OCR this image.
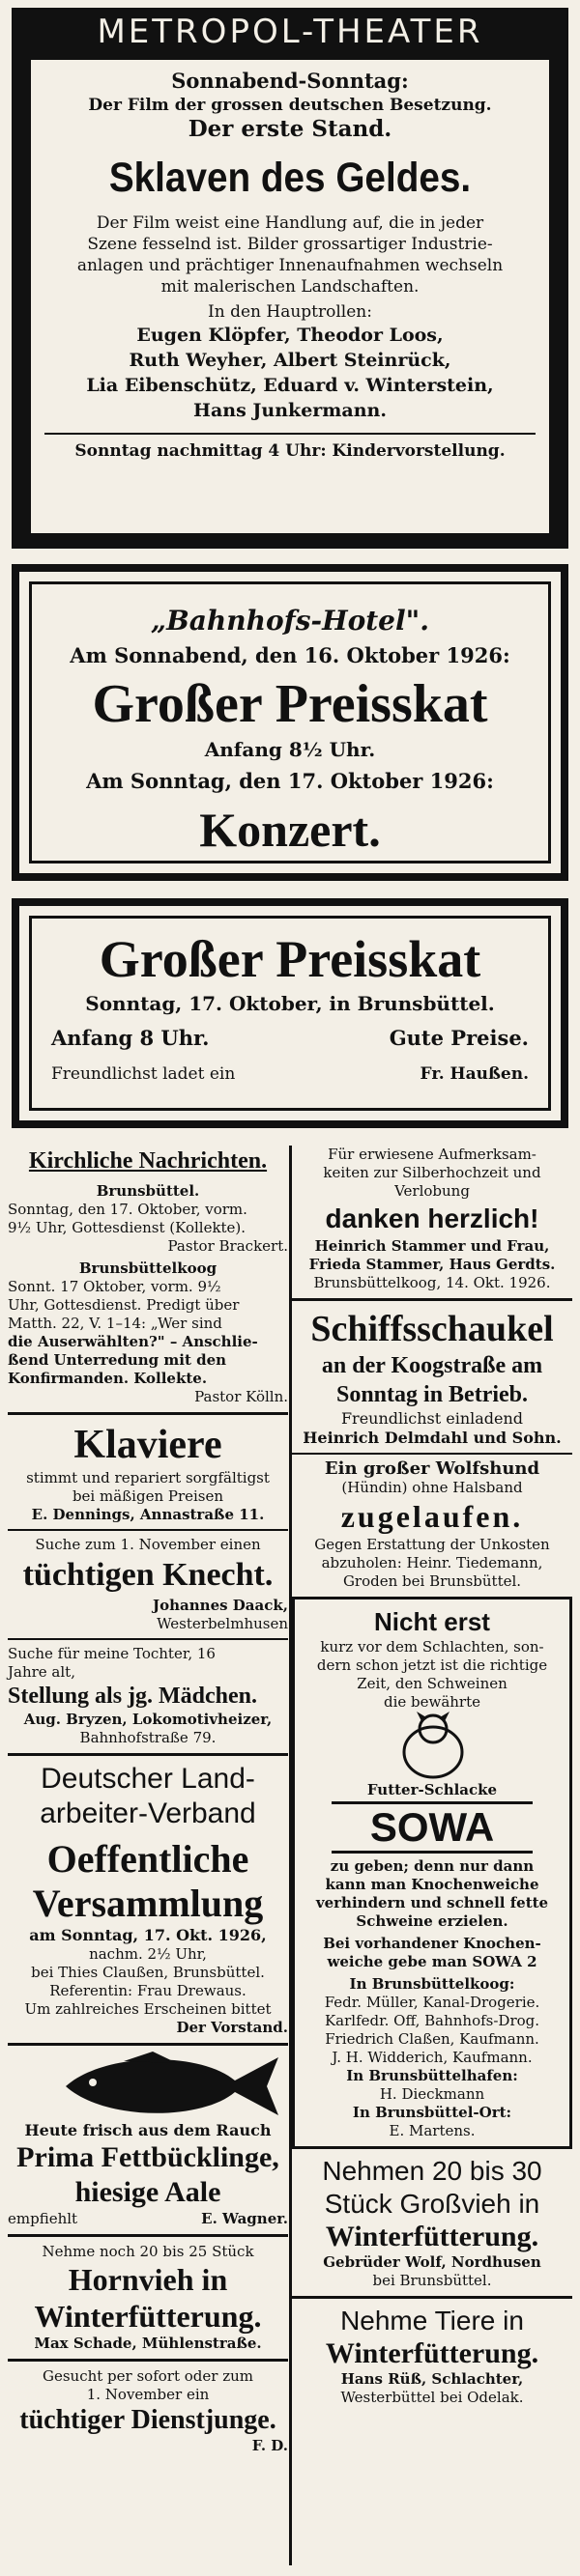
METROPOL-THEATER
Sonnabend-Sonntag:
Der Film der grossen deutschen Besetzung.
Der erste Stand.
Sklaven des Geldes.
Der Film weist eine Handlung auf, die in jeder
Szene fesselnd ist. Bilder grossartiger Industrie-
anlagen und prächtiger Innenaufnahmen wechseln
mit malerischen Landschaften.
In den Hauptrollen:
Eugen Klöpfer, Theodor Loos,
Ruth Weyher, Albert Steinrück,
Lia Eibenschütz, Eduard v. Winterstein,
Hans Junkermann.
Sonntag nachmittag 4 Uhr: Kindervorstellung.
„Bahnhofs-Hotel".
Am Sonnabend, den 16. Oktober 1926:
Großer Preisskat
Anfang 8½ Uhr.
Am Sonntag, den 17. Oktober 1926:
Konzert.
Großer Preisskat
Sonntag, 17. Oktober, in Brunsbüttel.
Anfang 8 Uhr.	Gute Preise.
Freundlichst ladet ein	Fr. Haußen.
Kirchliche Nachrichten.
Brunsbüttel.
Sonntag, den 17. Oktober, vorm.
9½ Uhr, Gottesdienst (Kollekte).
Pastor Brackert.
Brunsbüttelkoog
Sonnt. 17 Oktober, vorm. 9½
Uhr, Gottesdienst. Predigt über
Matth. 22, V. 1–14: „Wer sind
die Auserwählten?" – Anschlie-
ßend Unterredung mit den
Konfirmanden. Kollekte.
Pastor Kölln.
Klaviere
stimmt und repariert sorgfältigst
bei mäßigen Preisen
E. Dennings, Annastraße 11.
Suche zum 1. November einen
tüchtigen Knecht.
Johannes Daack,
Westerbelmhusen
Suche für meine Tochter, 16
Jahre alt,
Stellung als jg. Mädchen.
Aug. Bryzen, Lokomotivheizer,
Bahnhofstraße 79.
Deutscher Land-
arbeiter-Verband
Oeffentliche
Versammlung
am Sonntag, 17. Okt. 1926,
nachm. 2½ Uhr,
bei Thies Claußen, Brunsbüttel.
Referentin: Frau Drewaus.
Um zahlreiches Erscheinen bittet
Der Vorstand.
Heute frisch aus dem Rauch
Prima Fettbücklinge,
hiesige Aale
empfiehlt	E. Wagner.
Nehme noch 20 bis 25 Stück
Hornvieh in
Winterfütterung.
Max Schade, Mühlenstraße.
Gesucht per sofort oder zum
1. November ein
tüchtiger Dienstjunge.
F. D.
Für erwiesene Aufmerksam-
keiten zur Silberhochzeit und
Verlobung
danken herzlich!
Heinrich Stammer und Frau,
Frieda Stammer, Haus Gerdts.
Brunsbüttelkoog, 14. Okt. 1926.
Schiffsschaukel
an der Koogstraße am
Sonntag in Betrieb.
Freundlichst einladend
Heinrich Delmdahl und Sohn.
Ein großer Wolfshund
(Hündin) ohne Halsband
zugelaufen.
Gegen Erstattung der Unkosten
abzuholen: Heinr. Tiedemann,
Groden bei Brunsbüttel.
Nicht erst
kurz vor dem Schlachten, son-
dern schon jetzt ist die richtige
Zeit, den Schweinen
die bewährte
Futter-Schlacke
SOWA
zu geben; denn nur dann
kann man Knochenweiche
verhindern und schnell fette
Schweine erzielen.
Bei vorhandener Knochen-
weiche gebe man SOWA 2
In Brunsbüttelkoog:
Fedr. Müller, Kanal-Drogerie.
Karlfedr. Off, Bahnhofs-Drog.
Friedrich Claßen, Kaufmann.
J. H. Widderich, Kaufmann.
In Brunsbüttelhafen:
H. Dieckmann
In Brunsbüttel-Ort:
E. Martens.
Nehmen 20 bis 30
Stück Großvieh in
Winterfütterung.
Gebrüder Wolf, Nordhusen
bei Brunsbüttel.
Nehme Tiere in
Winterfütterung.
Hans Rüß, Schlachter,
Westerbüttel bei Odelak.
